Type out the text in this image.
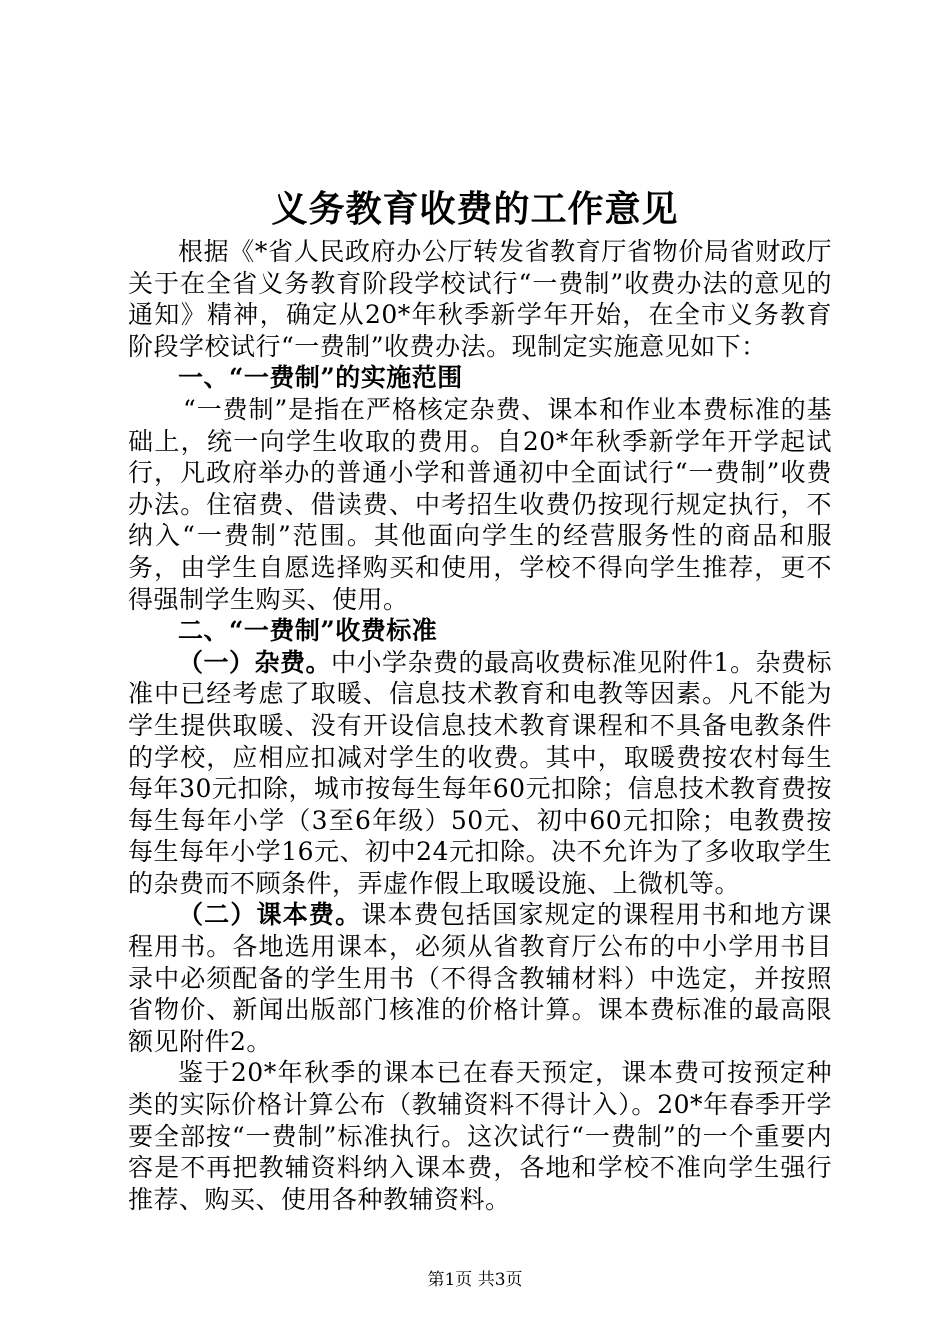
义务教育收费的工作意见

根据《*省人民政府办公厅转发省教育厅省物价局省财政厅关于在全省义务教育阶段学校试行“一费制”收费办法的意见的通知》精神，确定从20*年秋季新学年开始，在全市义务教育阶段学校试行“一费制”收费办法。现制定实施意见如下：

一、“一费制”的实施范围

“一费制”是指在严格核定杂费、课本和作业本费标准的基础上，统一向学生收取的费用。自20*年秋季新学年开学起试行，凡政府举办的普通小学和普通初中全面试行“一费制”收费办法。住宿费、借读费、中考招生收费仍按现行规定执行，不纳入“一费制”范围。其他面向学生的经营服务性的商品和服务，由学生自愿选择购买和使用，学校不得向学生推荐，更不得强制学生购买、使用。

二、“一费制”收费标准

（一）杂费。中小学杂费的最高收费标准见附件1。杂费标准中已经考虑了取暖、信息技术教育和电教等因素。凡不能为学生提供取暖、没有开设信息技术教育课程和不具备电教条件的学校，应相应扣减对学生的收费。其中，取暖费按农村每生每年30元扣除，城市按每生每年60元扣除；信息技术教育费按每生每年小学（3至6年级）50元、初中60元扣除；电教费按每生每年小学16元、初中24元扣除。决不允许为了多收取学生的杂费而不顾条件，弄虚作假上取暖设施、上微机等。

（二）课本费。课本费包括国家规定的课程用书和地方课程用书。各地选用课本，必须从省教育厅公布的中小学用书目录中必须配备的学生用书（不得含教辅材料）中选定，并按照省物价、新闻出版部门核准的价格计算。课本费标准的最高限额见附件2。

鉴于20*年秋季的课本已在春天预定，课本费可按预定种类的实际价格计算公布（教辅资料不得计入）。20*年春季开学要全部按“一费制”标准执行。这次试行“一费制”的一个重要内容是不再把教辅资料纳入课本费，各地和学校不准向学生强行推荐、购买、使用各种教辅资料。

第1页 共3页
